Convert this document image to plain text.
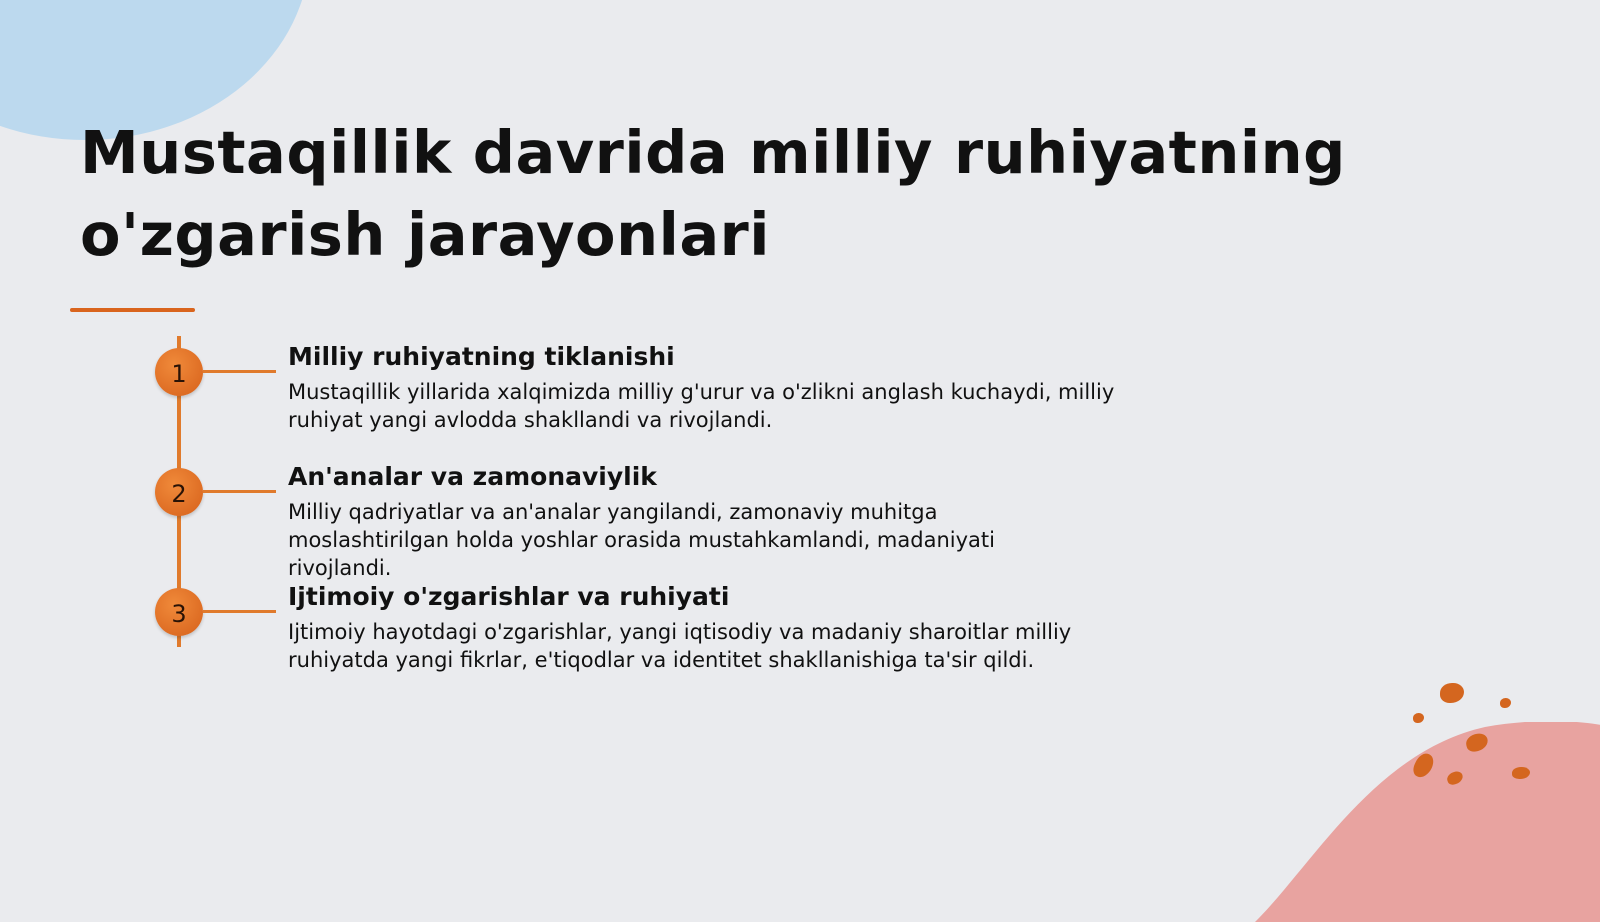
Mustaqillik davrida milliy ruhiyatning o'zgarish jarayonlari
1
Milliy ruhiyatning tiklanishi

Mustaqillik yillarida xalqimizda milliy g'urur va o'zlikni anglash kuchaydi, milliy ruhiyat yangi avlodda shakllandi va rivojlandi.

2
An'analar va zamonaviylik

Milliy qadriyatlar va an'analar yangilandi, zamonaviy muhitga moslashtirilgan holda yoshlar orasida mustahkamlandi, madaniyati rivojlandi.

3
Ijtimoiy o'zgarishlar va ruhiyati

Ijtimoiy hayotdagi o'zgarishlar, yangi iqtisodiy va madaniy sharoitlar milliy ruhiyatda yangi fikrlar, e'tiqodlar va identitet shakllanishiga ta'sir qildi.
